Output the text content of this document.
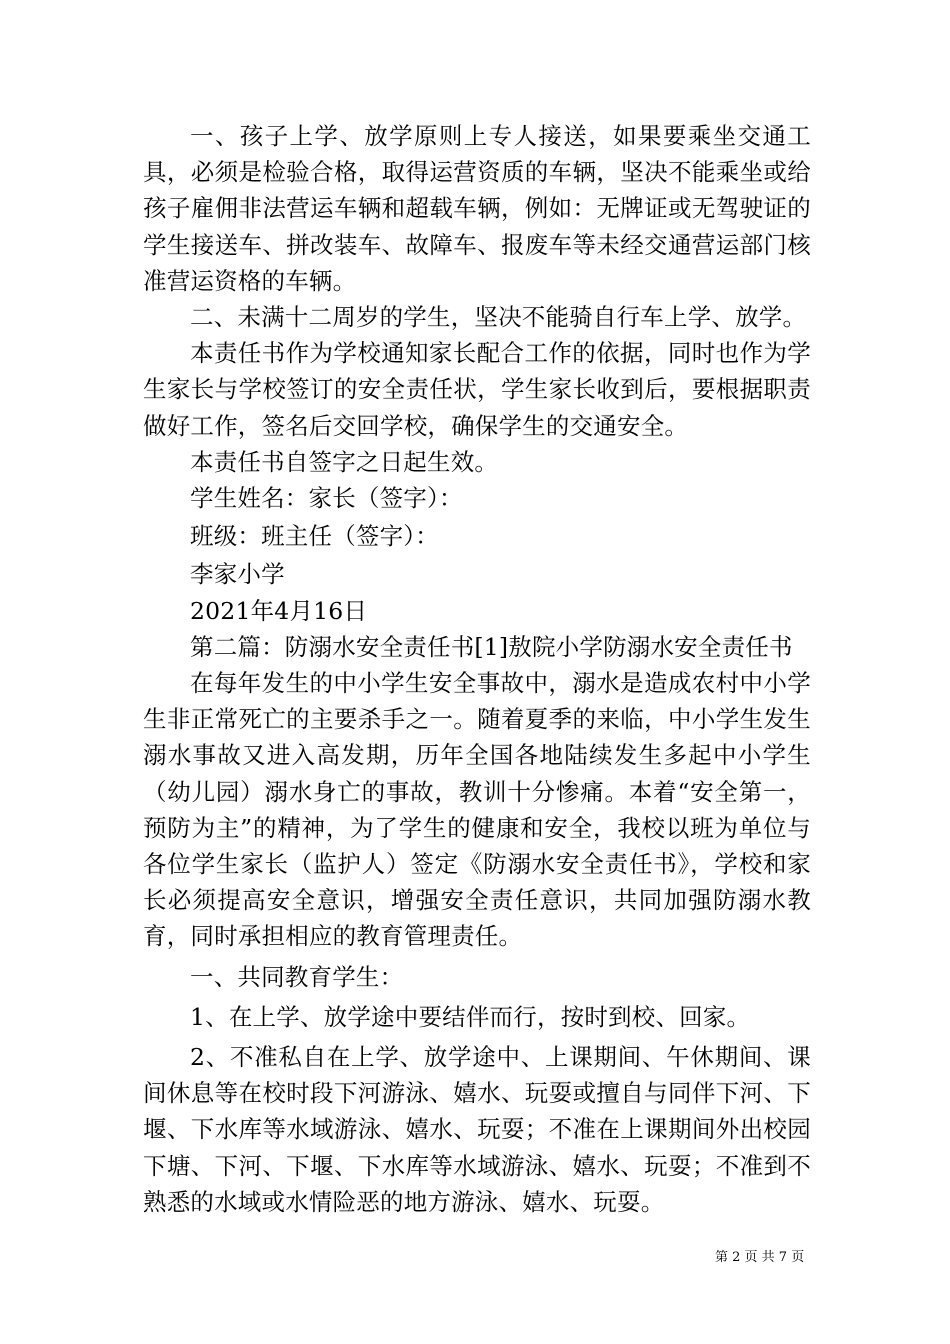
一、孩子上学、放学原则上专人接送，如果要乘坐交通工具，必须是检验合格，取得运营资质的车辆，坚决不能乘坐或给孩子雇佣非法营运车辆和超载车辆，例如：无牌证或无驾驶证的学生接送车、拼改装车、故障车、报废车等未经交通营运部门核准营运资格的车辆。

二、未满十二周岁的学生，坚决不能骑自行车上学、放学。

本责任书作为学校通知家长配合工作的依据，同时也作为学生家长与学校签订的安全责任状，学生家长收到后，要根据职责做好工作，签名后交回学校，确保学生的交通安全。

本责任书自签字之日起生效。

学生姓名：家长（签字）：

班级：班主任（签字）：

李家小学

2021年4月16日

第二篇：防溺水安全责任书[1]敖院小学防溺水安全责任书

在每年发生的中小学生安全事故中，溺水是造成农村中小学生非正常死亡的主要杀手之一。随着夏季的来临，中小学生发生溺水事故又进入高发期，历年全国各地陆续发生多起中小学生（幼儿园）溺水身亡的事故，教训十分惨痛。本着“安全第一，预防为主”的精神，为了学生的健康和安全，我校以班为单位与各位学生家长（监护人）签定《防溺水安全责任书》，学校和家长必须提高安全意识，增强安全责任意识，共同加强防溺水教育，同时承担相应的教育管理责任。

一、共同教育学生：

1、在上学、放学途中要结伴而行，按时到校、回家。

2、不准私自在上学、放学途中、上课期间、午休期间、课间休息等在校时段下河游泳、嬉水、玩耍或擅自与同伴下河、下堰、下水库等水域游泳、嬉水、玩耍；不准在上课期间外出校园下塘、下河、下堰、下水库等水域游泳、嬉水、玩耍；不准到不熟悉的水域或水情险恶的地方游泳、嬉水、玩耍。

第 2 页 共 7 页
